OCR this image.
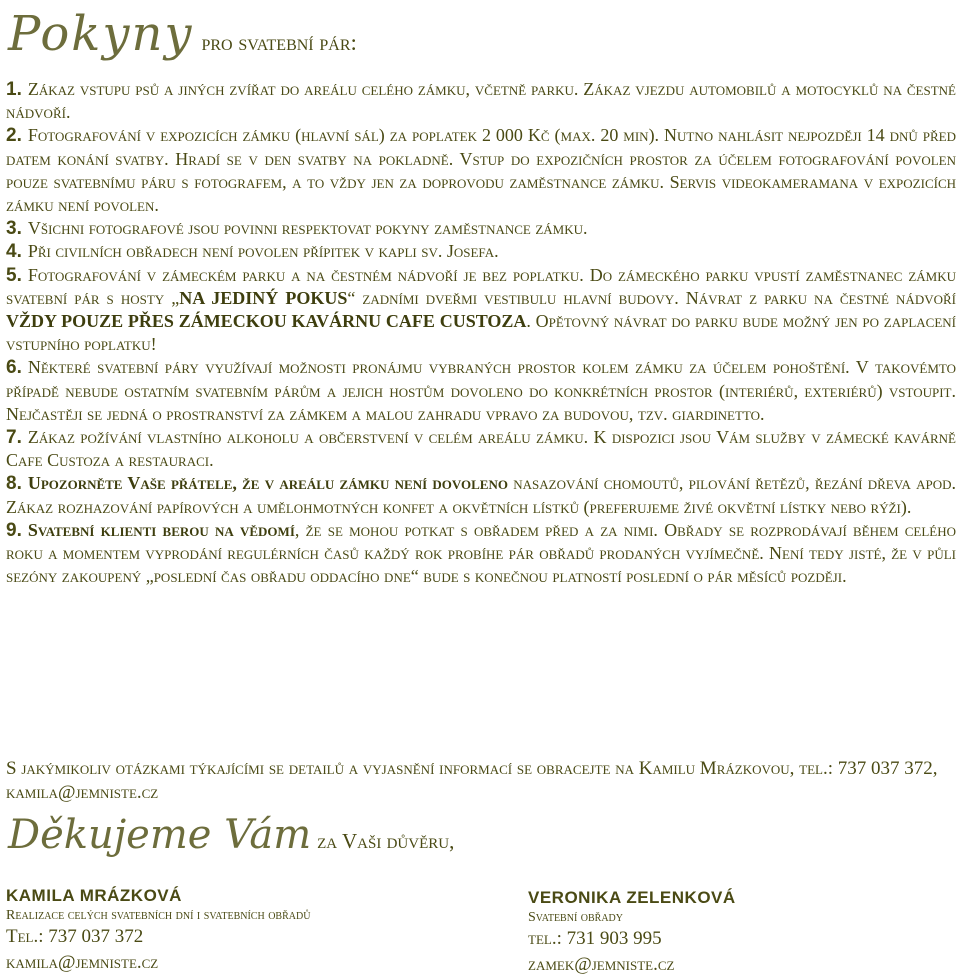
Pokyny pro svatební pár:

1. Zákaz vstupu psů a jiných zvířat do areálu celého zámku, včetně parku. Zákaz vjezdu automobilů a motocyklů na čestné nádvoří.

2. Fotografování v expozicích zámku (hlavní sál) za poplatek 2 000 Kč (max. 20 min). Nutno nahlásit nejpozději 14 dnů před datem konání svatby. Hradí se v den svatby na pokladně. Vstup do expozičních prostor za účelem fotografování povolen pouze svatebnímu páru s fotografem, a to vždy jen za doprovodu zaměstnance zámku. Servis videokameramana v expozicích zámku není povolen.

3. Všichni fotografové jsou povinni respektovat pokyny zaměstnance zámku.

4. Při civilních obřadech není povolen přípitek v kapli sv. Josefa.

5. Fotografování v zámeckém parku a na čestném nádvoří je bez poplatku. Do zámeckého parku vpustí zaměstnanec zámku svatební pár s hosty „NA JEDINÝ POKUS“ zadními dveřmi vestibulu hlavní budovy. Návrat z parku na čestné nádvoří VŽDY POUZE PŘES ZÁMECKOU KAVÁRNU CAFE CUSTOZA. Opětovný návrat do parku bude možný jen po zaplacení vstupního poplatku!

6. Některé svatební páry využívají možnosti pronájmu vybraných prostor kolem zámku za účelem pohoštění. V takovémto případě nebude ostatním svatebním párům a jejich hostům dovoleno do konkrétních prostor (interiérů, exteriérů) vstoupit. Nejčastěji se jedná o prostranství za zámkem a malou zahradu vpravo za budovou, tzv. giardinetto.

7. Zákaz požívání vlastního alkoholu a občerstvení v celém areálu zámku. K dispozici jsou Vám služby v zámecké kavárně Cafe Custoza a restauraci.

8. Upozorněte Vaše přátele, že v areálu zámku není dovoleno nasazování chomoutů, pilování řetězů, řezání dřeva apod. Zákaz rozhazování papírových a umělohmotných konfet a okvětních lístků (preferujeme živé okvětní lístky nebo rýži).

9. Svatební klienti berou na vědomí, že se mohou potkat s obřadem před a za nimi. Obřady se rozprodávají během celého roku a momentem vyprodání regulérních časů každý rok probíhe pár obřadů prodaných vyjímečně. Není tedy jisté, že v půli sezóny zakoupený „poslední čas obřadu oddacího dne“ bude s konečnou platností poslední o pár měsíců později.

S jakýmikoliv otázkami týkajícími se detailů a vyjasnění informací se obracejte na Kamilu Mrázkovou, tel.: 737 037 372, kamila@jemniste.cz
Děkujeme Vám za Vaši důvěru,
KAMILA MRÁZKOVÁ
Realizace celých svatebních dní i svatebních obřadů
Tel.: 737 037 372
kamila@jemniste.cz
VERONIKA ZELENKOVÁ
Svatební obřady
tel.: 731 903 995
zamek@jemniste.cz
